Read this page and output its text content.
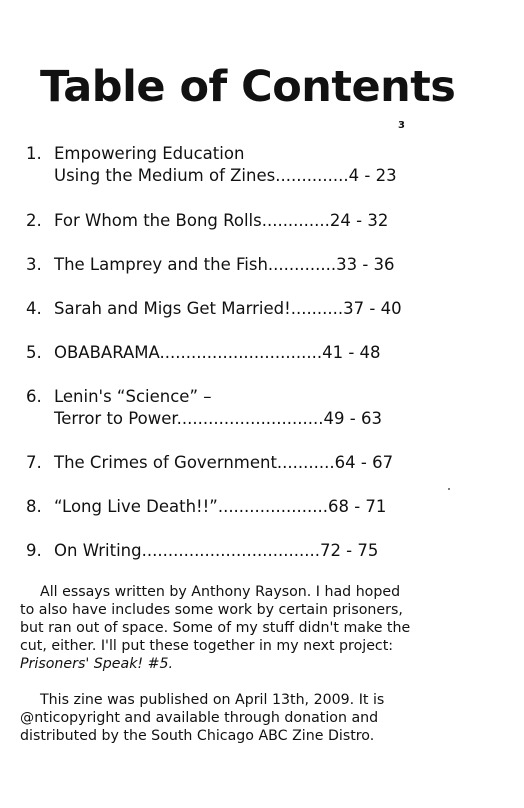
Table of Contents
3
1. Empowering Education
Using the Medium of Zines..............4 - 23
2. For Whom the Bong Rolls.............24 - 32
3. The Lamprey and the Fish.............33 - 36
4. Sarah and Migs Get Married!..........37 - 40
5. OBABARAMA...............................41 - 48
6. Lenin's “Science” –
Terror to Power............................49 - 63
7. The Crimes of Government...........64 - 67
8. “Long Live Death!!”.....................68 - 71
9. On Writing..................................72 - 75

All essays written by Anthony Rayson. I had hoped

to also have includes some work by certain prisoners,

but ran out of space. Some of my stuff didn't make the

cut, either. I'll put these together in my next project:

Prisoners' Speak! #5.

This zine was published on April 13th, 2009. It is

@nticopyright and available through donation and

distributed by the South Chicago ABC Zine Distro.
